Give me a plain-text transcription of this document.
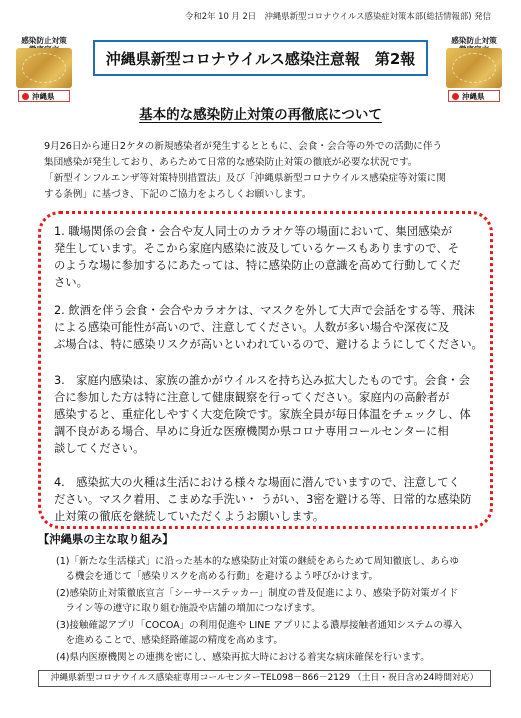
令和2年 10 月 2日　沖縄県新型コロナウイルス感染症対策本部(総括情報部) 発信
感染防止対策
沖縄県
感染防止対策
沖縄県
沖縄県新型コロナウイルス感染注意報　第2報
基本的な感染防止対策の再徹底について
9月26日から連日2ケタの新規感染者が発生するとともに、会食・会合等の外での活動に伴う
集団感染が発生しており、あらためて日常的な感染防止対策の徹底が必要な状況です。
「新型インフルエンザ等対策特別措置法」及び「沖縄県新型コロナウイルス感染症等対策に関
する条例」に基づき、下記のご協力をよろしくお願いします。
1. 職場関係の会食・会合や友人同士のカラオケ等の場面において、集団感染が
発生しています。そこから家庭内感染に波及しているケースもありますので、そ
のような場に参加するにあたっては、特に感染防止の意識を高めて行動してくだ
さい。
2. 飲酒を伴う会食・会合やカラオケは、マスクを外して大声で会話をする等、飛沫
による感染可能性が高いので、注意してください。人数が多い場合や深夜に及
ぶ場合は、特に感染リスクが高いといわれているので、避けるようにしてください。
3.　家庭内感染は、家族の誰かがウイルスを持ち込み拡大したものです。会食・会
合に参加した方は特に注意して健康観察を行ってください。家庭内の高齢者が
感染すると、重症化しやすく大変危険です。家族全員が毎日体温をチェックし、体
調不良がある場合、早めに身近な医療機関か県コロナ専用コールセンターに相
談してください。
4.　感染拡大の火種は生活における様々な場面に潜んでいますので、注意してく
ださい。マスク着用、こまめな手洗い・ うがい、3密を避ける等、日常的な感染防
止対策の徹底を継続していただくようお願いします。
【沖縄県の主な取り組み】
(1)「新たな生活様式」に沿った基本的な感染防止対策の継続をあらためて周知徹底し、あらゆ
　る機会を通じて「感染リスクを高める行動」を避けるよう呼びかけます。
(2)感染防止対策徹底宣言「シーサーステッカー」制度の普及促進により、感染予防対策ガイド
　ライン等の遵守に取り組む施設や店舗の増加につなげます。
(3)接触確認アプリ「COCOA」の利用促進や LINE アプリによる濃厚接触者通知システムの導入
　を進めることで、感染経路確認の精度を高めます。
(4)県内医療機関との連携を密にし、感染再拡大時における着実な病床確保を行います。
沖縄県新型コロナウイルス感染症専用コールセンターTEL098－866－2129 （土日・祝日含め24時間対応）
